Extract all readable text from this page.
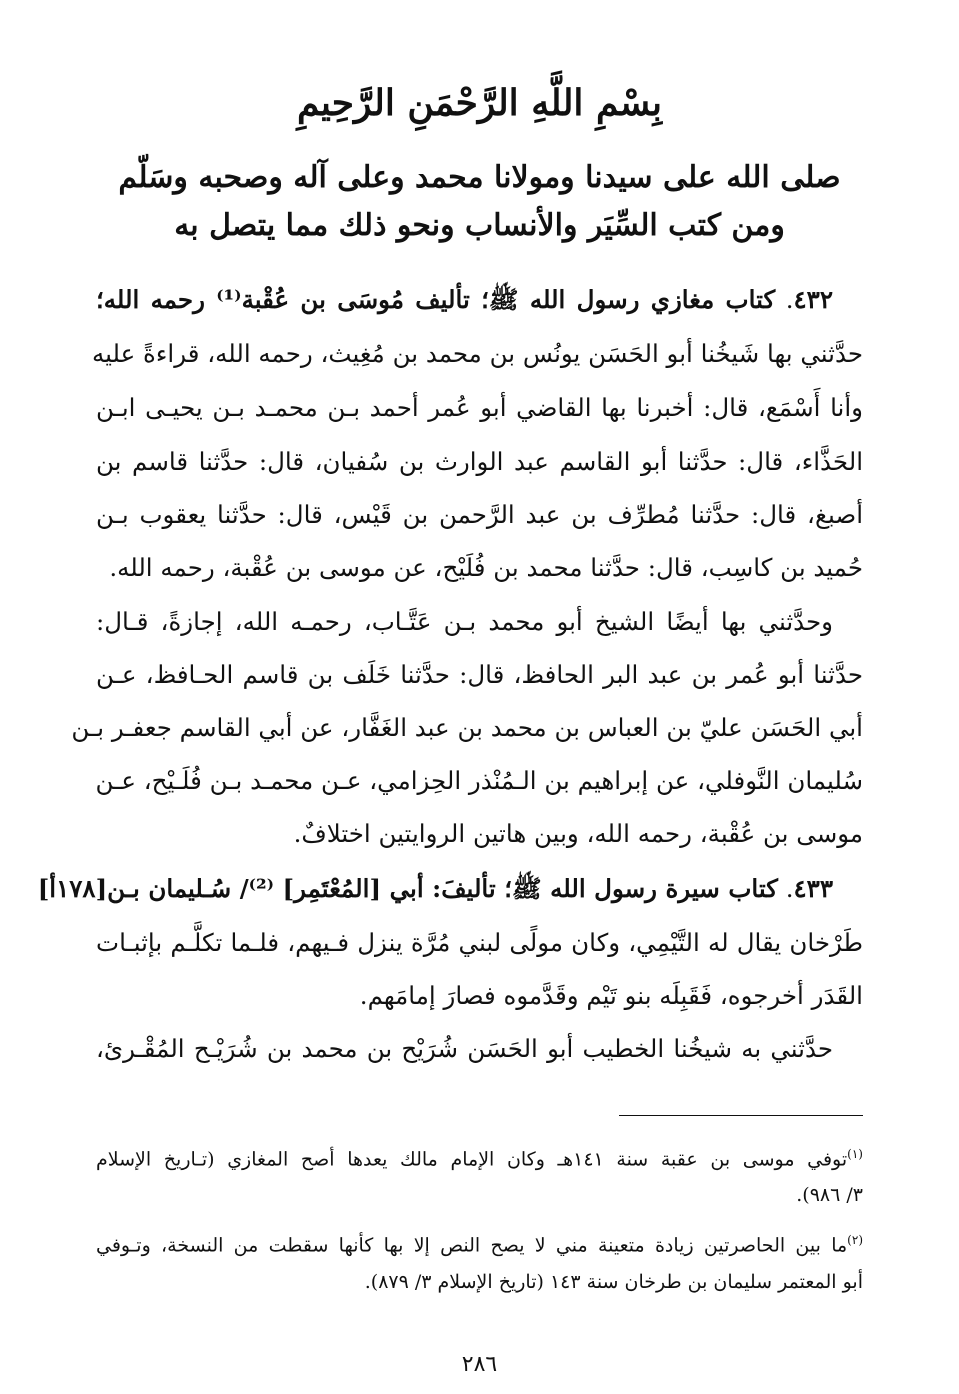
بِسْمِ اللَّهِ الرَّحْمَنِ الرَّحِيمِ
صلى الله على سيدنا ومولانا محمد وعلى آله وصحبه وسَلّم
ومن كتب السِّيَر والأنساب ونحو ذلك مما يتصل به
٤٣٢. كتاب مغازي رسول الله ﷺ؛ تأليف مُوسَى بن عُقْبة⁽¹⁾ رحمه الله؛
حدَّثني بها شَيخُنا أبو الحَسَن يونُس بن محمد بن مُغِيث، رحمه الله، قراءةً عليه
وأنا أَسْمَع، قال: أخبرنا بها القاضي أبو عُمر أحمد بـن محمـد بـن يحيـى ابـن
الحَذَّاء، قال: حدَّثنا أبو القاسم عبد الوارث بن سُفيان، قال: حدَّثنا قاسم بن
أصبغ، قال: حدَّثنا مُطرِّف بن عبد الرَّحمن بن قَيْس، قال: حدَّثنا يعقوب بـن
حُميد بن كاسِب، قال: حدَّثنا محمد بن فُلَيْح، عن موسى بن عُقْبة، رحمه الله.
وحدَّثني بها أيضًا الشيخ أبو محمد بـن عَتَّـاب، رحمـه الله، إجازةً، قـال:
حدَّثنا أبو عُمر بن عبد البر الحافظ، قال: حدَّثنا خَلَف بن قاسم الحـافظ، عـن
أبي الحَسَن عليّ بن العباس بن محمد بن عبد الغَفَّار، عن أبي القاسم جعفـر بـن
سُليمان النَّوفلي، عن إبراهيم بن الـمُنْذر الحِزامي، عـن محمـد بـن فُلَـيْح، عـن
موسى بن عُقْبة، رحمه الله، وبين هاتين الروايتين اختلافٌ.
٤٣٣. كتاب سيرة رسول الله ﷺ؛ تأليفَ: أبي [المُعْتَمِر] ⁽²⁾/ سُـليمان بـن[١٧٨أ]
طَرْخان يقال له التَّيْمِي، وكان مولًى لبني مُرَّة ينزل فـيهم، فلـما تكلَّـم بإثبـات
القَدَر أخرجوه، فَقَبِلَه بنو تَيْم وقَدَّموه فصارَ إمامَهم.
حدَّثني به شيخُنا الخطيب أبو الحَسَن شُرَيْح بن محمد بن شُرَيْـح المُقْـرئ،
$^{(١)}$توفي موسى بن عقبة سنة ١٤١هـ وكان الإمام مالك يعدها أصح المغازي (تـاريخ الإسلام
٣/ ٩٨٦).
$^{(٢)}$ما بين الحاصرتين زيادة متعينة مني لا يصح النص إلا بها كأنها سقطت من النسخة، وتـوفي
أبو المعتمر سليمان بن طرخان سنة ١٤٣ (تاريخ الإسلام ٣/ ٨٧٩).
٢٨٦
